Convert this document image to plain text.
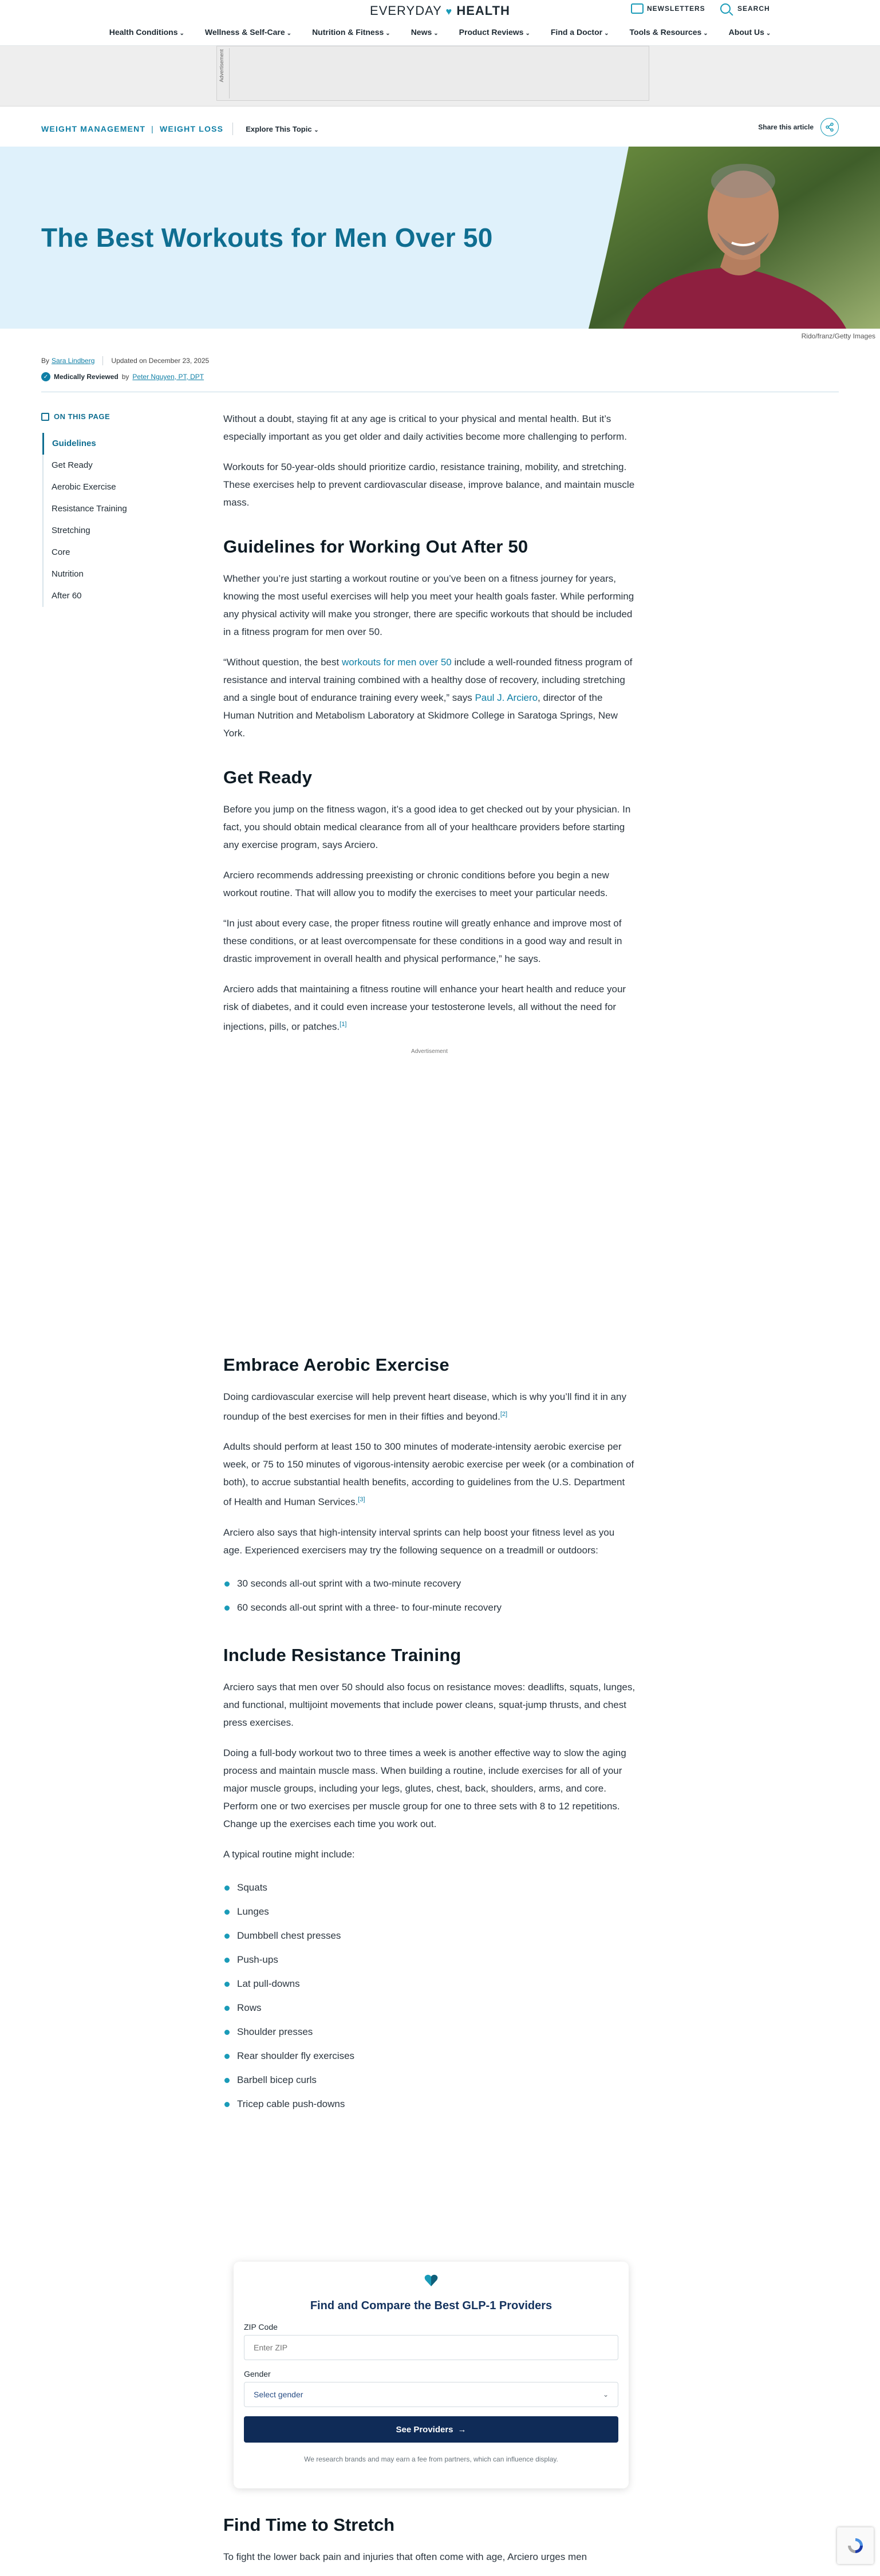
EVERYDAY ♥ HEALTH	NEWSLETTERS	SEARCH
Health Conditions ⌄	Wellness & Self-Care ⌄	Nutrition & Fitness ⌄	News ⌄	Product Reviews ⌄	Find a Doctor ⌄	Tools & Resources ⌄	About Us ⌄
Advertisement
WEIGHT MANAGEMENT | WEIGHT LOSS	Explore This Topic ⌄	Share this article
The Best Workouts for Men Over 50
Rido/franz/Getty Images
By Sara Lindberg Updated on December 23, 2025
✓ Medically Reviewed by Peter Nguyen, PT, DPT
ON THIS PAGE
Guidelines
Get Ready
Aerobic Exercise
Resistance Training
Stretching
Core
Nutrition
After 60

Without a doubt, staying fit at any age is critical to your physical and mental health. But it’s especially important as you get older and daily activities become more challenging to perform.

Workouts for 50-year-olds should prioritize cardio, resistance training, mobility, and stretching. These exercises help to prevent cardiovascular disease, improve balance, and maintain muscle mass.

Guidelines for Working Out After 50

Whether you’re just starting a workout routine or you’ve been on a fitness journey for years, knowing the most useful exercises will help you meet your health goals faster. While performing any physical activity will make you stronger, there are specific workouts that should be included in a fitness program for men over 50.

“Without question, the best workouts for men over 50 include a well-rounded fitness program of resistance and interval training combined with a healthy dose of recovery, including stretching and a single bout of endurance training every week,” says Paul J. Arciero, director of the Human Nutrition and Metabolism Laboratory at Skidmore College in Saratoga Springs, New York.

Get Ready

Before you jump on the fitness wagon, it’s a good idea to get checked out by your physician. In fact, you should obtain medical clearance from all of your healthcare providers before starting any exercise program, says Arciero.

Arciero recommends addressing preexisting or chronic conditions before you begin a new workout routine. That will allow you to modify the exercises to meet your particular needs.

“In just about every case, the proper fitness routine will greatly enhance and improve most of these conditions, or at least overcompensate for these conditions in a good way and result in drastic improvement in overall health and physical performance,” he says.

Arciero adds that maintaining a fitness routine will enhance your heart health and reduce your risk of diabetes, and it could even increase your testosterone levels, all without the need for injections, pills, or patches.[1]

Advertisement
Embrace Aerobic Exercise

Doing cardiovascular exercise will help prevent heart disease, which is why you’ll find it in any roundup of the best exercises for men in their fifties and beyond.[2]

Adults should perform at least 150 to 300 minutes of moderate-intensity aerobic exercise per week, or 75 to 150 minutes of vigorous-intensity aerobic exercise per week (or a combination of both), to accrue substantial health benefits, according to guidelines from the U.S. Department of Health and Human Services.[3]

Arciero also says that high-intensity interval sprints can help boost your fitness level as you age. Experienced exercisers may try the following sequence on a treadmill or outdoors:

30 seconds all-out sprint with a two-minute recovery
60 seconds all-out sprint with a three- to four-minute recovery
Include Resistance Training

Arciero says that men over 50 should also focus on resistance moves: deadlifts, squats, lunges, and functional, multijoint movements that include power cleans, squat-jump thrusts, and chest press exercises.

Doing a full-body workout two to three times a week is another effective way to slow the aging process and maintain muscle mass. When building a routine, include exercises for all of your major muscle groups, including your legs, glutes, chest, back, shoulders, arms, and core. Perform one or two exercises per muscle group for one to three sets with 8 to 12 repetitions. Change up the exercises each time you work out.

A typical routine might include:

Squats
Lunges
Dumbbell chest presses
Push-ups
Lat pull-downs
Rows
Shoulder presses
Rear shoulder fly exercises
Barbell bicep curls
Tricep cable push-downs
Find and Compare the Best GLP-1 Providers
ZIP Code
Enter ZIP
Gender
Select gender	⌄
See Providers →
We research brands and may earn a fee from partners, which can influence display.
Find Time to Stretch

To fight the lower back pain and injuries that often come with age, Arciero urges men
